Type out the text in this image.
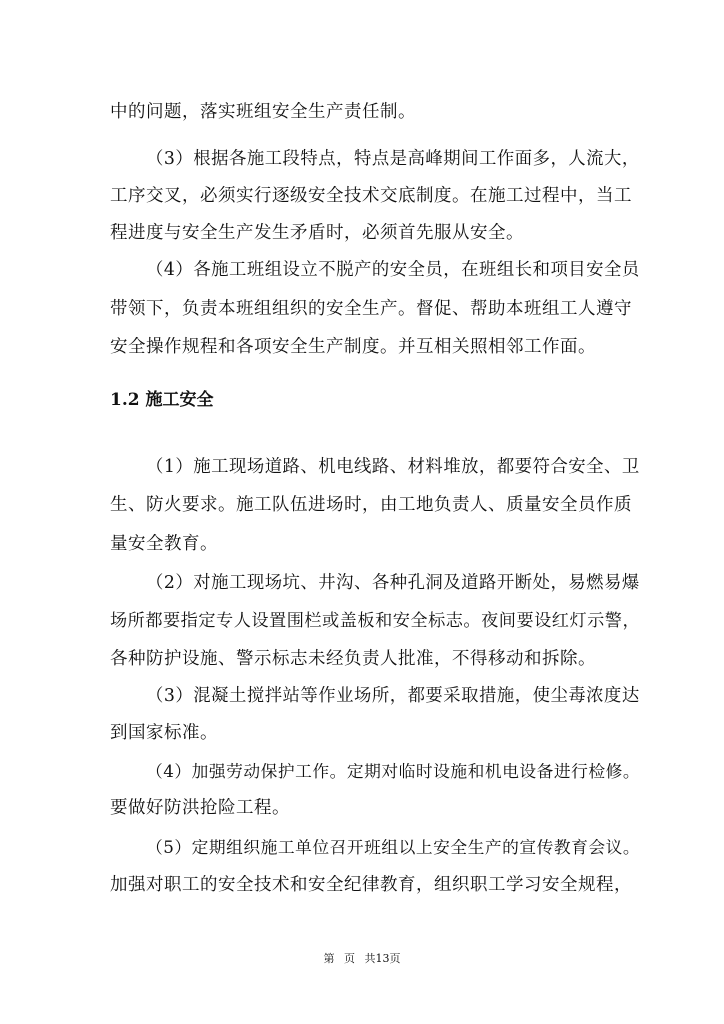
中的问题，落实班组安全生产责任制。
（3）根据各施工段特点，特点是高峰期间工作面多，人流大，
工序交叉，必须实行逐级安全技术交底制度。在施工过程中，当工
程进度与安全生产发生矛盾时，必须首先服从安全。
（4）各施工班组设立不脱产的安全员，在班组长和项目安全员
带领下，负责本班组组织的安全生产。督促、帮助本班组工人遵守
安全操作规程和各项安全生产制度。并互相关照相邻工作面。
1.2 施工安全
（1）施工现场道路、机电线路、材料堆放，都要符合安全、卫
生、防火要求。施工队伍进场时，由工地负责人、质量安全员作质
量安全教育。
（2）对施工现场坑、井沟、各种孔洞及道路开断处，易燃易爆
场所都要指定专人设置围栏或盖板和安全标志。夜间要设红灯示警，
各种防护设施、警示标志未经负责人批准，不得移动和拆除。
（3）混凝土搅拌站等作业场所，都要采取措施，使尘毒浓度达
到国家标准。
（4）加强劳动保护工作。定期对临时设施和机电设备进行检修。
要做好防洪抢险工程。
（5）定期组织施工单位召开班组以上安全生产的宣传教育会议。
加强对职工的安全技术和安全纪律教育，组织职工学习安全规程，
第 页 共13页
